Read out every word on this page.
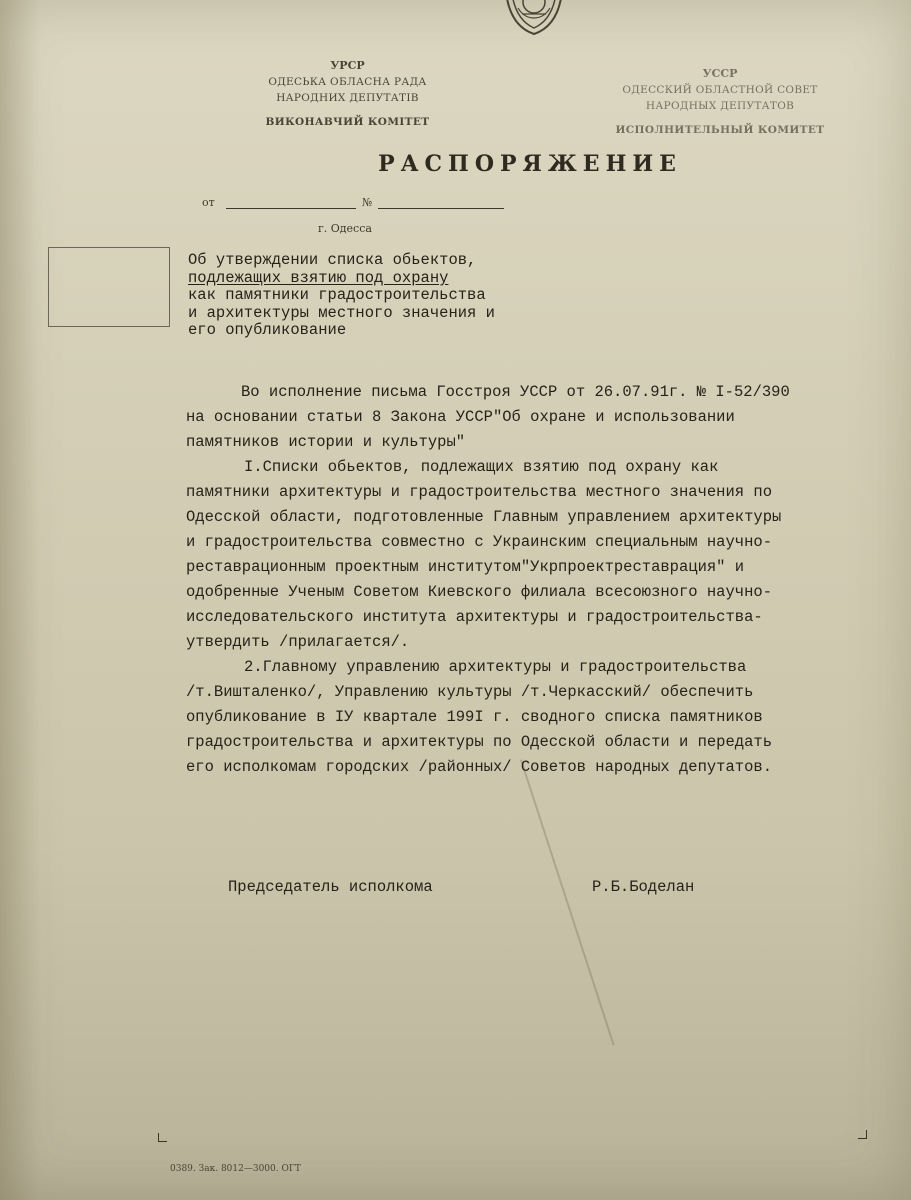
УРСР
ОДЕСЬКА ОБЛАСНА РАДА
НАРОДНИХ ДЕПУТАТІВ
ВИКОНАВЧИЙ КОМІТЕТ
УССР
ОДЕССКИЙ ОБЛАСТНОЙ СОВЕТ
НАРОДНЫХ ДЕПУТАТОВ
ИСПОЛНИТЕЛЬНЫЙ КОМИТЕТ
РАСПОРЯЖЕНИЕ
от	№
г. Одесса
Об утверждении списка обьектов,
подлежащих взятию под охрану
как памятники градостроительства
и архитектуры местного значения и
его опубликование
Во исполнение письма Госстроя УССР от 26.07.91г. № I-52/390
на основании статьи 8 Закона УССР"Об охране и использовании
памятников истории и культуры"
I.Списки обьектов, подлежащих взятию под охрану как
памятники архитектуры и градостроительства местного значения по
Одесской области, подготовленные Главным управлением архитектуры
и градостроительства совместно с Украинским специальным научно-
реставрационным проектным институтом"Укрпроектреставрация" и
одобренные Ученым Советом Киевского филиала всесоюзного научно-
исследовательского института архитектуры и градостроительства-
утвердить /прилагается/.
2.Главному управлению архитектуры и градостроительства
/т.Вишталенко/, Управлению культуры /т.Черкасский/ обеспечить
опубликование в IУ квартале 199I г. сводного списка памятников
градостроительства и архитектуры по Одесской области и передать
его исполкомам городских /районных/ Советов народных депутатов.
Председатель исполкома	Р.Б.Боделан
0389. Зак. 8012—3000. ОГТ
